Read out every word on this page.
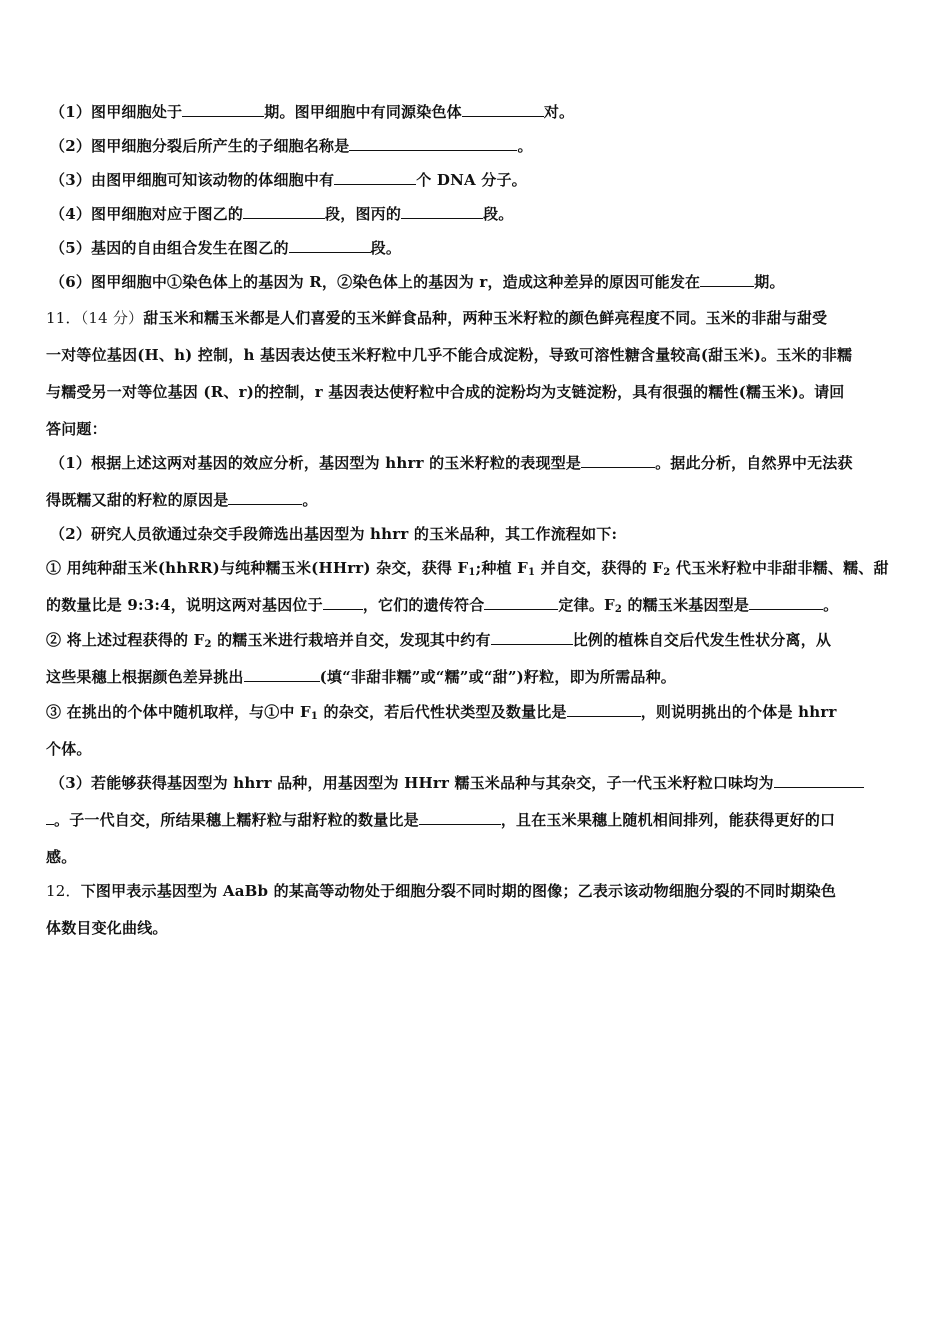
（1）图甲细胞处于	期。图甲细胞中有同源染色体	对。
（2）图甲细胞分裂后所产生的子细胞名称是	。
（3）由图甲细胞可知该动物的体细胞中有	个 DNA 分子。
（4）图甲细胞对应于图乙的	段，图丙的	段。
（5）基因的自由组合发生在图乙的	段。
（6）图甲细胞中①染色体上的基因为 R，②染色体上的基因为 r，造成这种差异的原因可能发在	期。
11．（14 分）甜玉米和糯玉米都是人们喜爱的玉米鲜食品种，两种玉米籽粒的颜色鲜亮程度不同。玉米的非甜与甜受
一对等位基因(H、h) 控制，h 基因表达使玉米籽粒中几乎不能合成淀粉，导致可溶性糖含量较高(甜玉米)。玉米的非糯
与糯受另一对等位基因 (R、r)的控制，r 基因表达使籽粒中合成的淀粉均为支链淀粉，具有很强的糯性(糯玉米)。请回
答问题：
（1）根据上述这两对基因的效应分析，基因型为 hhrr 的玉米籽粒的表现型是	。据此分析，自然界中无法获
得既糯又甜的籽粒的原因是	。
（2）研究人员欲通过杂交手段筛选出基因型为 hhrr 的玉米品种，其工作流程如下:
① 用纯种甜玉米(hhRR)与纯种糯玉米(HHrr) 杂交，获得 $F_1$;种植 $F_1$ 并自交，获得的 $F_2$ 代玉米籽粒中非甜非糯、糯、甜
的数量比是 9:3:4，说明这两对基因位于	，它们的遗传符合	定律。$F_2$ 的糯玉米基因型是	。
② 将上述过程获得的 $F_2$ 的糯玉米进行栽培并自交，发现其中约有	比例的植株自交后代发生性状分离，从
这些果穗上根据颜色差异挑出	(填“非甜非糯”或“糯”或“甜”)籽粒，即为所需品种。
③ 在挑出的个体中随机取样，与①中 $F_1$ 的杂交，若后代性状类型及数量比是	，则说明挑出的个体是 hhrr
个体。
（3）若能够获得基因型为 hhrr 品种，用基因型为 HHrr 糯玉米品种与其杂交，子一代玉米籽粒口味均为
。子一代自交，所结果穗上糯籽粒与甜籽粒的数量比是	，且在玉米果穗上随机相间排列，能获得更好的口
感。
12．下图甲表示基因型为 AaBb 的某高等动物处于细胞分裂不同时期的图像；乙表示该动物细胞分裂的不同时期染色
体数目变化曲线。
